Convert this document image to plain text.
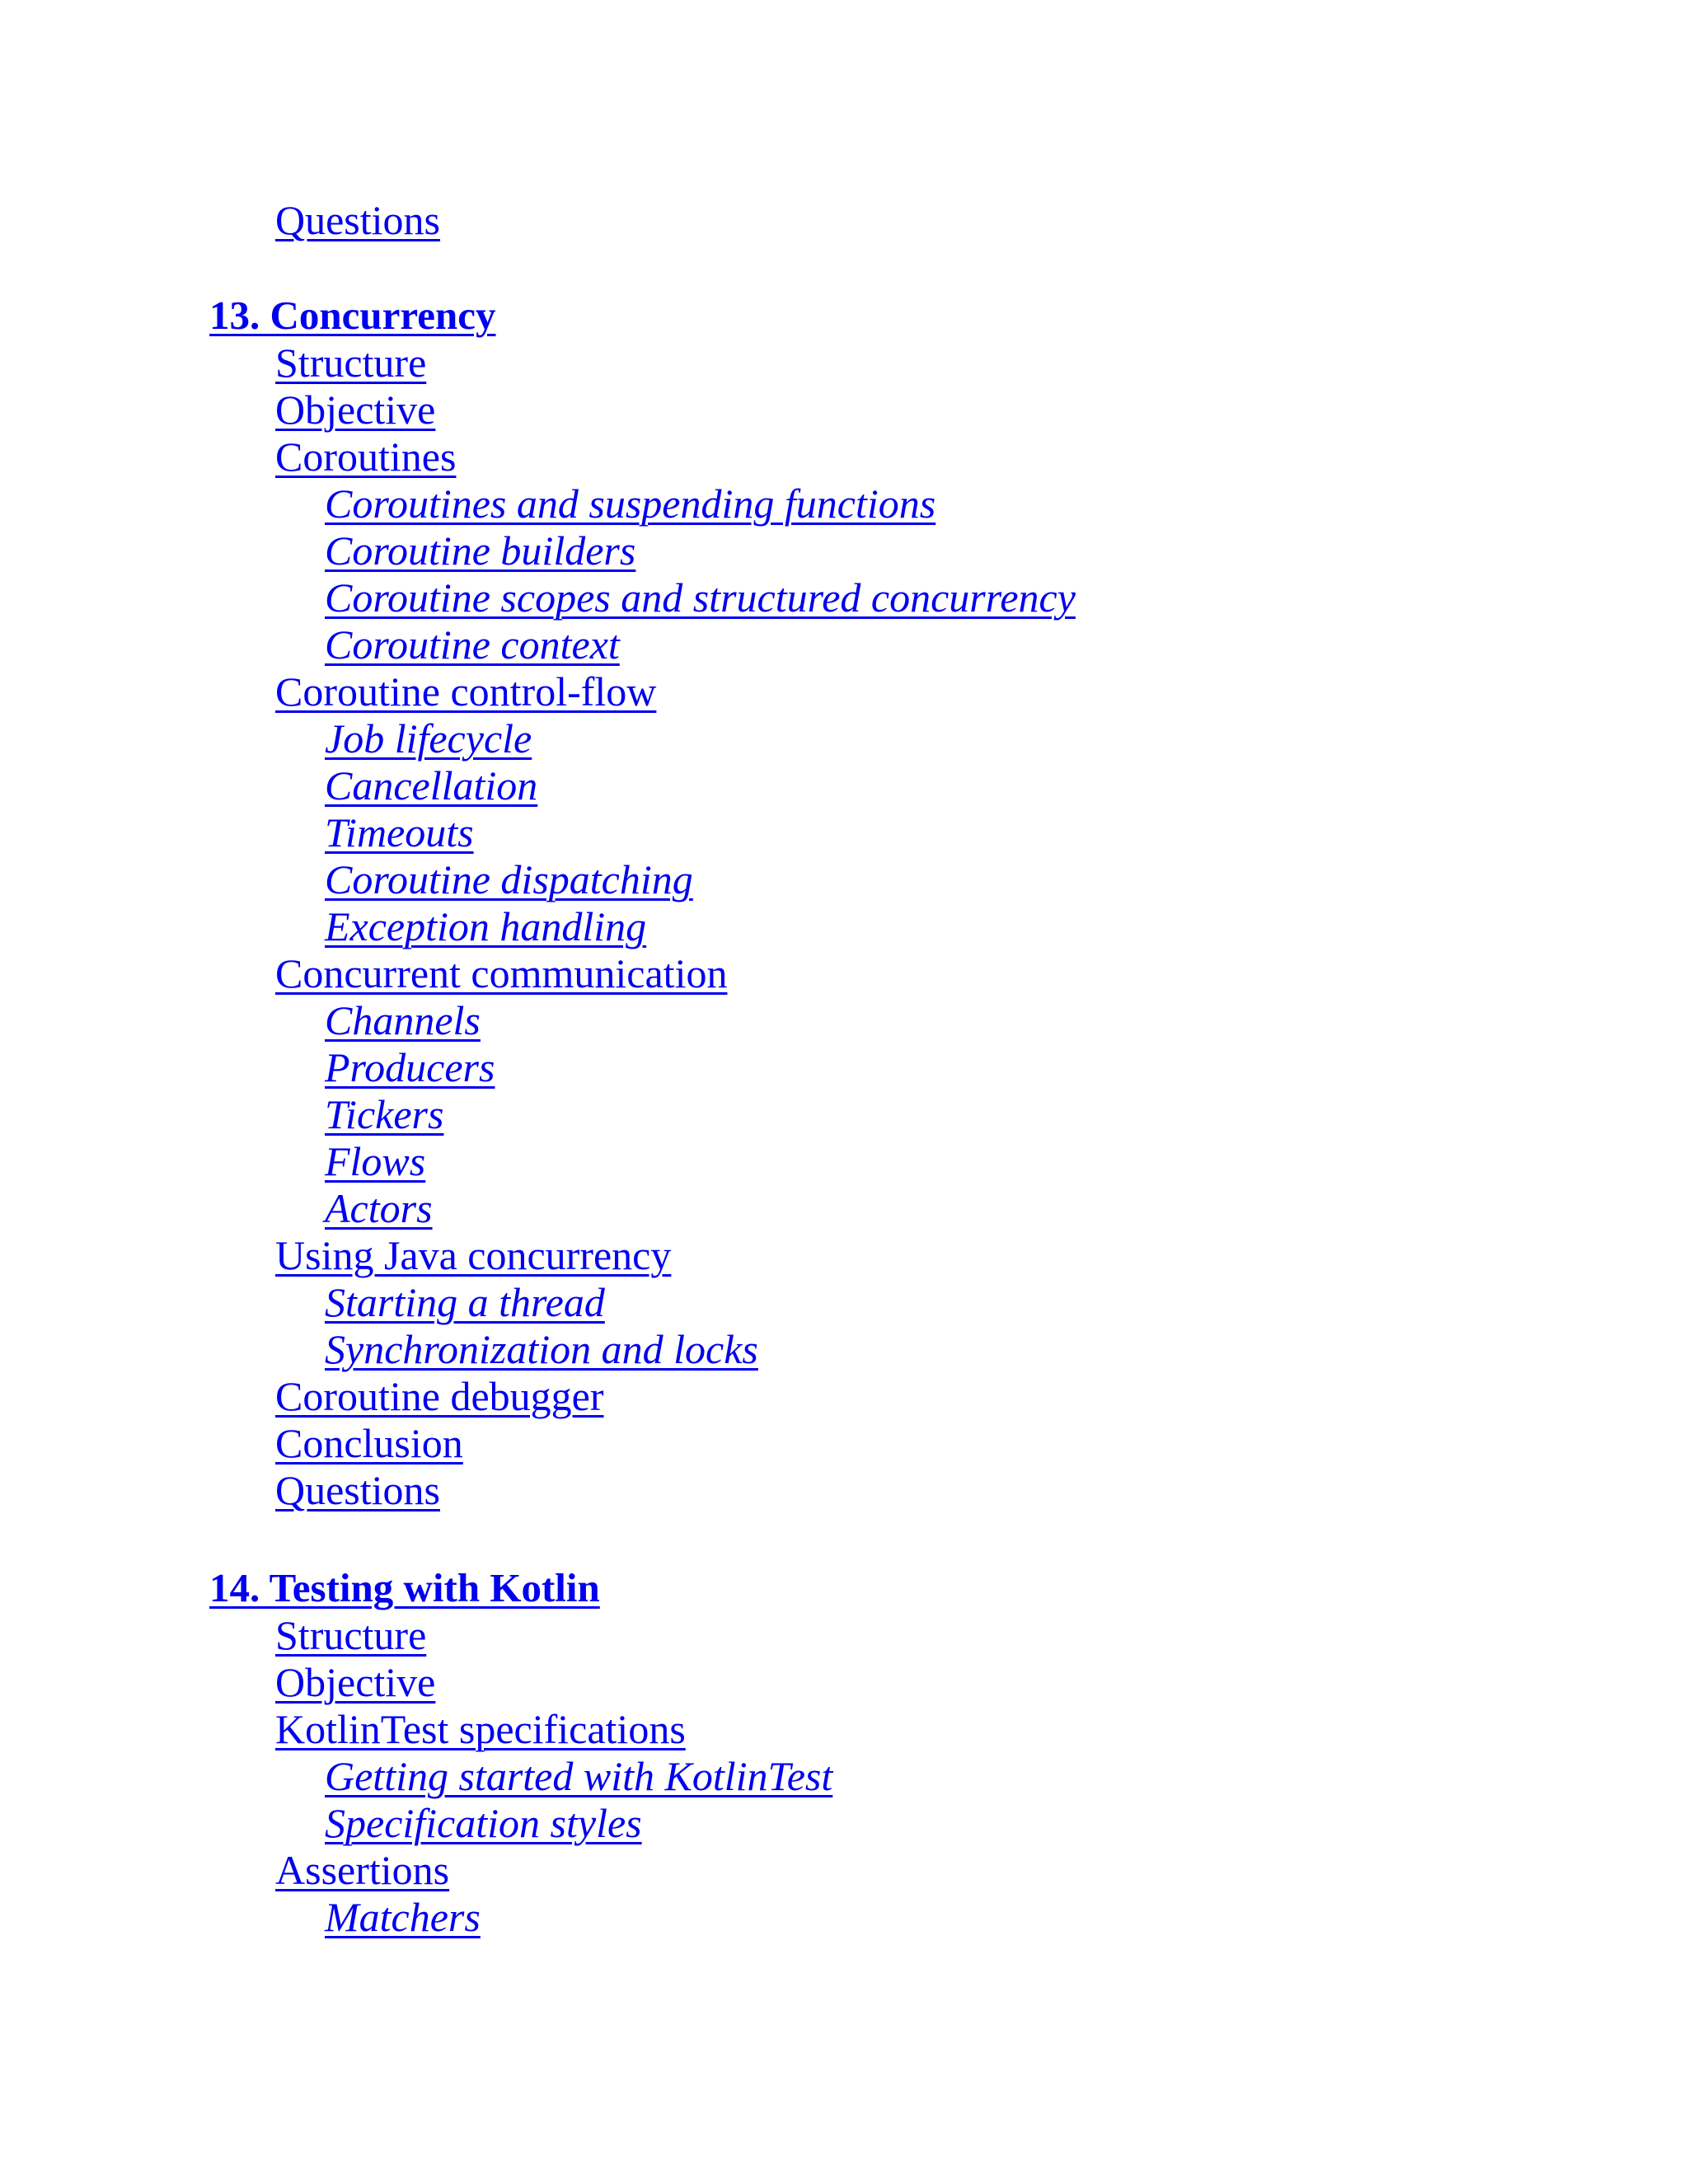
Questions
13. Concurrency
Structure
Objective
Coroutines
Coroutines and suspending functions
Coroutine builders
Coroutine scopes and structured concurrency
Coroutine context
Coroutine control-flow
Job lifecycle
Cancellation
Timeouts
Coroutine dispatching
Exception handling
Concurrent communication
Channels
Producers
Tickers
Flows
Actors
Using Java concurrency
Starting a thread
Synchronization and locks
Coroutine debugger
Conclusion
Questions
14. Testing with Kotlin
Structure
Objective
KotlinTest specifications
Getting started with KotlinTest
Specification styles
Assertions
Matchers
